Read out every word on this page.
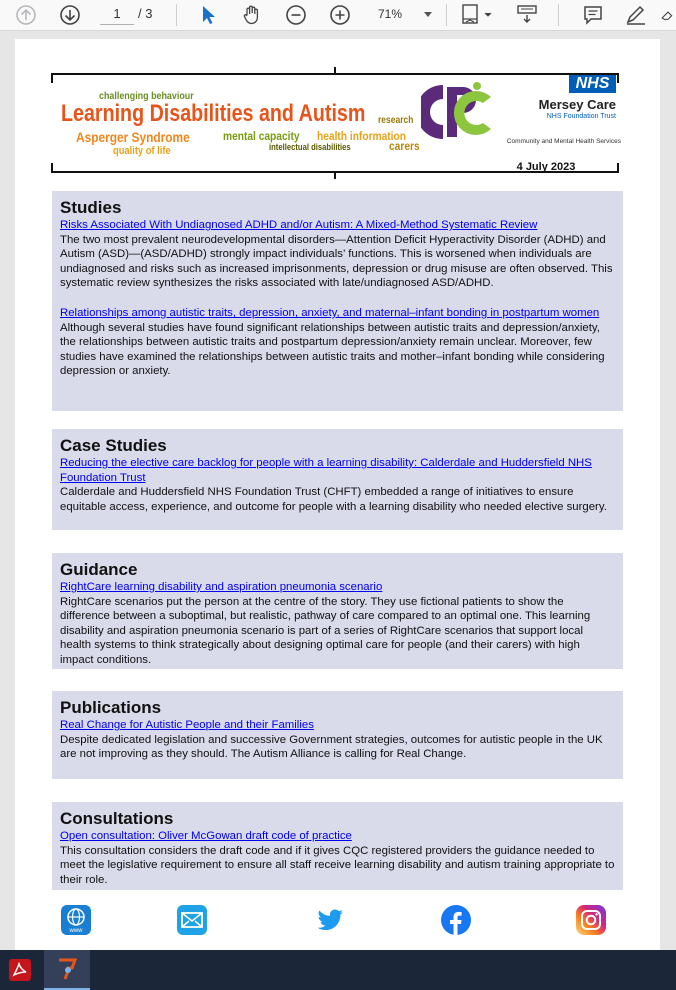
1	/ 3	71%
challenging behaviour
Learning Disabilities and Autism research
Asperger Syndrome	mental capacity health information
intellectual disabilities	carers
quality of life
NHS
Mersey Care
NHS Foundation Trust
Community and Mental Health Services
4 July 2023
Studies
Risks Associated With Undiagnosed ADHD and/or Autism: A Mixed-Method Systematic Review

The two most prevalent neurodevelopmental disorders—Attention Deficit Hyperactivity Disorder (ADHD) and Autism (ASD)—(ASD/ADHD) strongly impact individuals’ functions. This is worsened when individuals are undiagnosed and risks such as increased imprisonments, depression or drug misuse are often observed. This systematic review synthesizes the risks associated with late/undiagnosed ASD/ADHD.

Relationships among autistic traits, depression, anxiety, and maternal–infant bonding in postpartum women

Although several studies have found significant relationships between autistic traits and depression/anxiety, the relationships between autistic traits and postpartum depression/anxiety remain unclear. Moreover, few studies have examined the relationships between autistic traits and mother–infant bonding while considering depression or anxiety.

Case Studies
Reducing the elective care backlog for people with a learning disability: Calderdale and Huddersfield NHS Foundation Trust

Calderdale and Huddersfield NHS Foundation Trust (CHFT) embedded a range of initiatives to ensure equitable access, experience, and outcome for people with a learning disability who needed elective surgery.

Guidance
RightCare learning disability and aspiration pneumonia scenario

RightCare scenarios put the person at the centre of the story. They use fictional patients to show the difference between a suboptimal, but realistic, pathway of care compared to an optimal one. This learning disability and aspiration pneumonia scenario is part of a series of RightCare scenarios that support local health systems to think strategically about designing optimal care for people (and their carers) with high impact conditions.

Publications
Real Change for Autistic People and their Families

Despite dedicated legislation and successive Government strategies, outcomes for autistic people in the UK are not improving as they should. The Autism Alliance is calling for Real Change.

Consultations
Open consultation: Oliver McGowan draft code of practice

This consultation considers the draft code and if it gives CQC registered providers the guidance needed to meet the legislative requirement to ensure all staff receive learning disability and autism training appropriate to their role.

www
